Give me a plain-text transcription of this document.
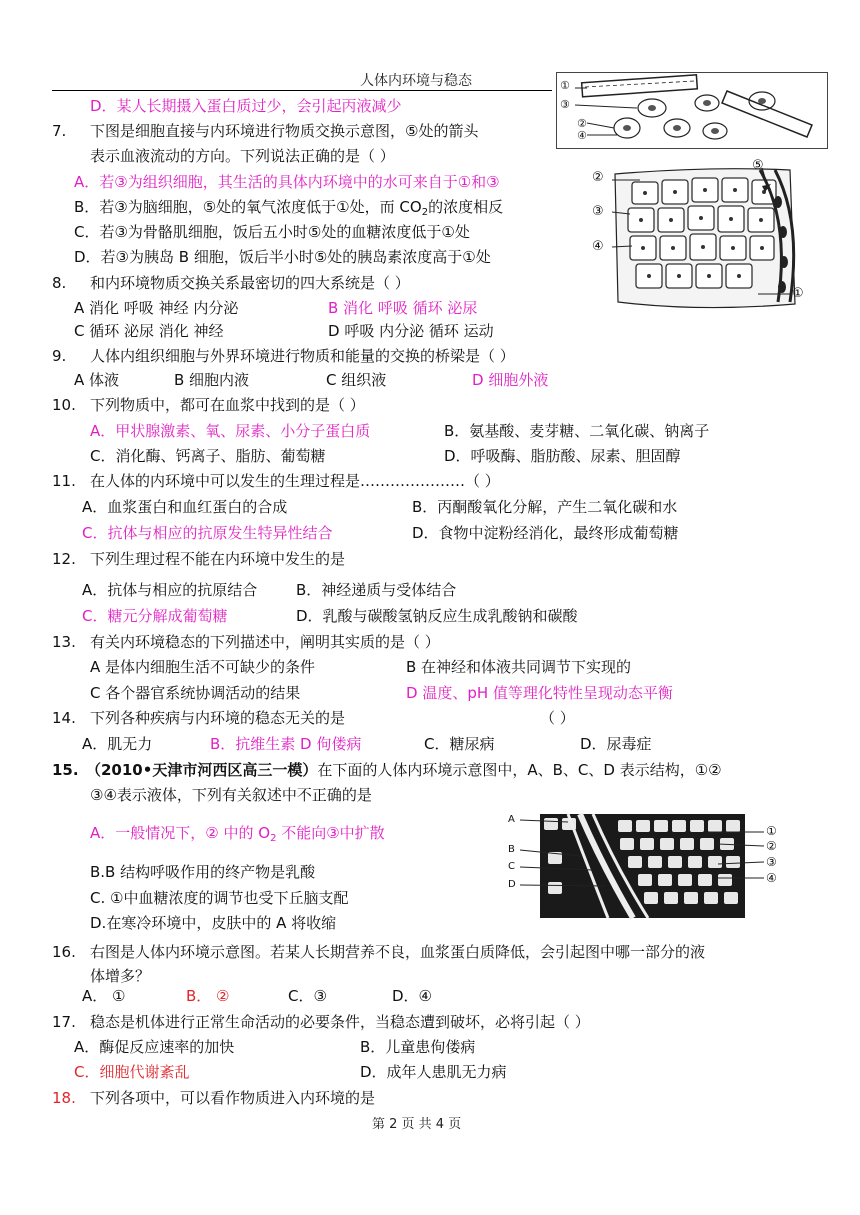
人体内环境与稳态	①
③
②
④
D．某人长期摄入蛋白质过少，会引起丙液减少
7. 下图是细胞直接与内环境进行物质交换示意图，⑤处的箭头
表示血液流动的方向。下列说法正确的是（ ）
A．若③为组织细胞，其生活的具体内环境中的水可来自于①和③
B．若③为脑细胞，⑤处的氧气浓度低于①处，而 $CO_2$的浓度相反
C．若③为骨骼肌细胞，饭后五小时⑤处的血糖浓度低于①处
D．若③为胰岛 B 细胞，饭后半小时⑤处的胰岛素浓度高于①处
②
③
④
⑤
①
8. 和内环境物质交换关系最密切的四大系统是（ ）
A 消化 呼吸 神经 内分泌	B 消化 呼吸 循环 泌尿
C 循环 泌尿 消化 神经	D 呼吸 内分泌 循环 运动
9. 人体内组织细胞与外界环境进行物质和能量的交换的桥梁是（ ）
A 体液	B 细胞内液	C 组织液	D 细胞外液
10. 下列物质中，都可在血浆中找到的是（ ）
A．甲状腺激素、氧、尿素、小分子蛋白质	B．氨基酸、麦芽糖、二氧化碳、钠离子
C．消化酶、钙离子、脂肪、葡萄糖	D．呼吸酶、脂肪酸、尿素、胆固醇
11. 在人体的内环境中可以发生的生理过程是…………………（ ）
A．血浆蛋白和血红蛋白的合成	B．丙酮酸氧化分解，产生二氧化碳和水
C．抗体与相应的抗原发生特异性结合	D．食物中淀粉经消化，最终形成葡萄糖
12. 下列生理过程不能在内环境中发生的是
A．抗体与相应的抗原结合	B．神经递质与受体结合
C．糖元分解成葡萄糖	D．乳酸与碳酸氢钠反应生成乳酸钠和碳酸
13. 有关内环境稳态的下列描述中，阐明其实质的是（ ）
A 是体内细胞生活不可缺少的条件	B 在神经和体液共同调节下实现的
C 各个器官系统协调活动的结果	D 温度、pH 值等理化特性呈现动态平衡
14. 下列各种疾病与内环境的稳态无关的是	（ ）
A．肌无力	B．抗维生素 D 佝偻病	C．糖尿病	D．尿毒症
15. （2010•天津市河西区高三一模）在下面的人体内环境示意图中，A、B、C、D 表示结构，①②
③④表示液体，下列有关叙述中不正确的是
A．一般情况下，② 中的 $O_2$ 不能向③中扩散
B.B 结构呼吸作用的终产物是乳酸
C. ①中血糖浓度的调节也受下丘脑支配
D.在寒冷环境中，皮肤中的 A 将收缩
A
B
C
D
①
②
③
④
16. 右图是人体内环境示意图。若某人长期营养不良，血浆蛋白质降低，会引起图中哪一部分的液
体增多？
A． ①	B． ②	C．③	D．④
17. 稳态是机体进行正常生命活动的必要条件，当稳态遭到破坏，必将引起（ ）
A．酶促反应速率的加快	B．儿童患佝偻病
C．细胞代谢紊乱	D．成年人患肌无力病
18. 下列各项中，可以看作物质进入内环境的是
第 2 页 共 4 页
